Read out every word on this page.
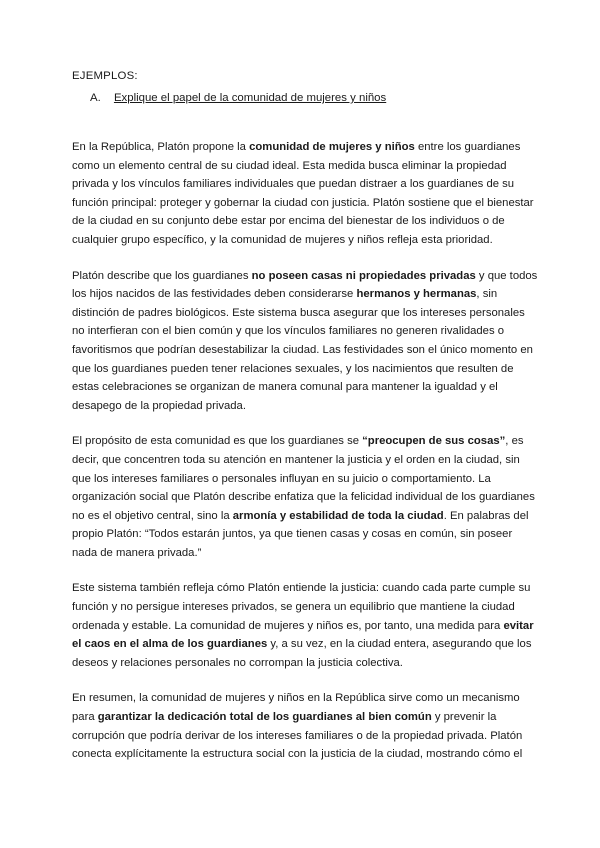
EJEMPLOS:
A. Explique el papel de la comunidad de mujeres y niños

En la República, Platón propone la comunidad de mujeres y niños entre los guardianes como un elemento central de su ciudad ideal. Esta medida busca eliminar la propiedad privada y los vínculos familiares individuales que puedan distraer a los guardianes de su función principal: proteger y gobernar la ciudad con justicia. Platón sostiene que el bienestar de la ciudad en su conjunto debe estar por encima del bienestar de los individuos o de cualquier grupo específico, y la comunidad de mujeres y niños refleja esta prioridad.

Platón describe que los guardianes no poseen casas ni propiedades privadas y que todos los hijos nacidos de las festividades deben considerarse hermanos y hermanas, sin distinción de padres biológicos. Este sistema busca asegurar que los intereses personales no interfieran con el bien común y que los vínculos familiares no generen rivalidades o favoritismos que podrían desestabilizar la ciudad. Las festividades son el único momento en que los guardianes pueden tener relaciones sexuales, y los nacimientos que resulten de estas celebraciones se organizan de manera comunal para mantener la igualdad y el desapego de la propiedad privada.

El propósito de esta comunidad es que los guardianes se “preocupen de sus cosas”, es decir, que concentren toda su atención en mantener la justicia y el orden en la ciudad, sin que los intereses familiares o personales influyan en su juicio o comportamiento. La organización social que Platón describe enfatiza que la felicidad individual de los guardianes no es el objetivo central, sino la armonía y estabilidad de toda la ciudad. En palabras del propio Platón: “Todos estarán juntos, ya que tienen casas y cosas en común, sin poseer nada de manera privada.”

Este sistema también refleja cómo Platón entiende la justicia: cuando cada parte cumple su función y no persigue intereses privados, se genera un equilibrio que mantiene la ciudad ordenada y estable. La comunidad de mujeres y niños es, por tanto, una medida para evitar el caos en el alma de los guardianes y, a su vez, en la ciudad entera, asegurando que los deseos y relaciones personales no corrompan la justicia colectiva.

En resumen, la comunidad de mujeres y niños en la República sirve como un mecanismo para garantizar la dedicación total de los guardianes al bien común y prevenir la corrupción que podría derivar de los intereses familiares o de la propiedad privada. Platón conecta explícitamente la estructura social con la justicia de la ciudad, mostrando cómo el
